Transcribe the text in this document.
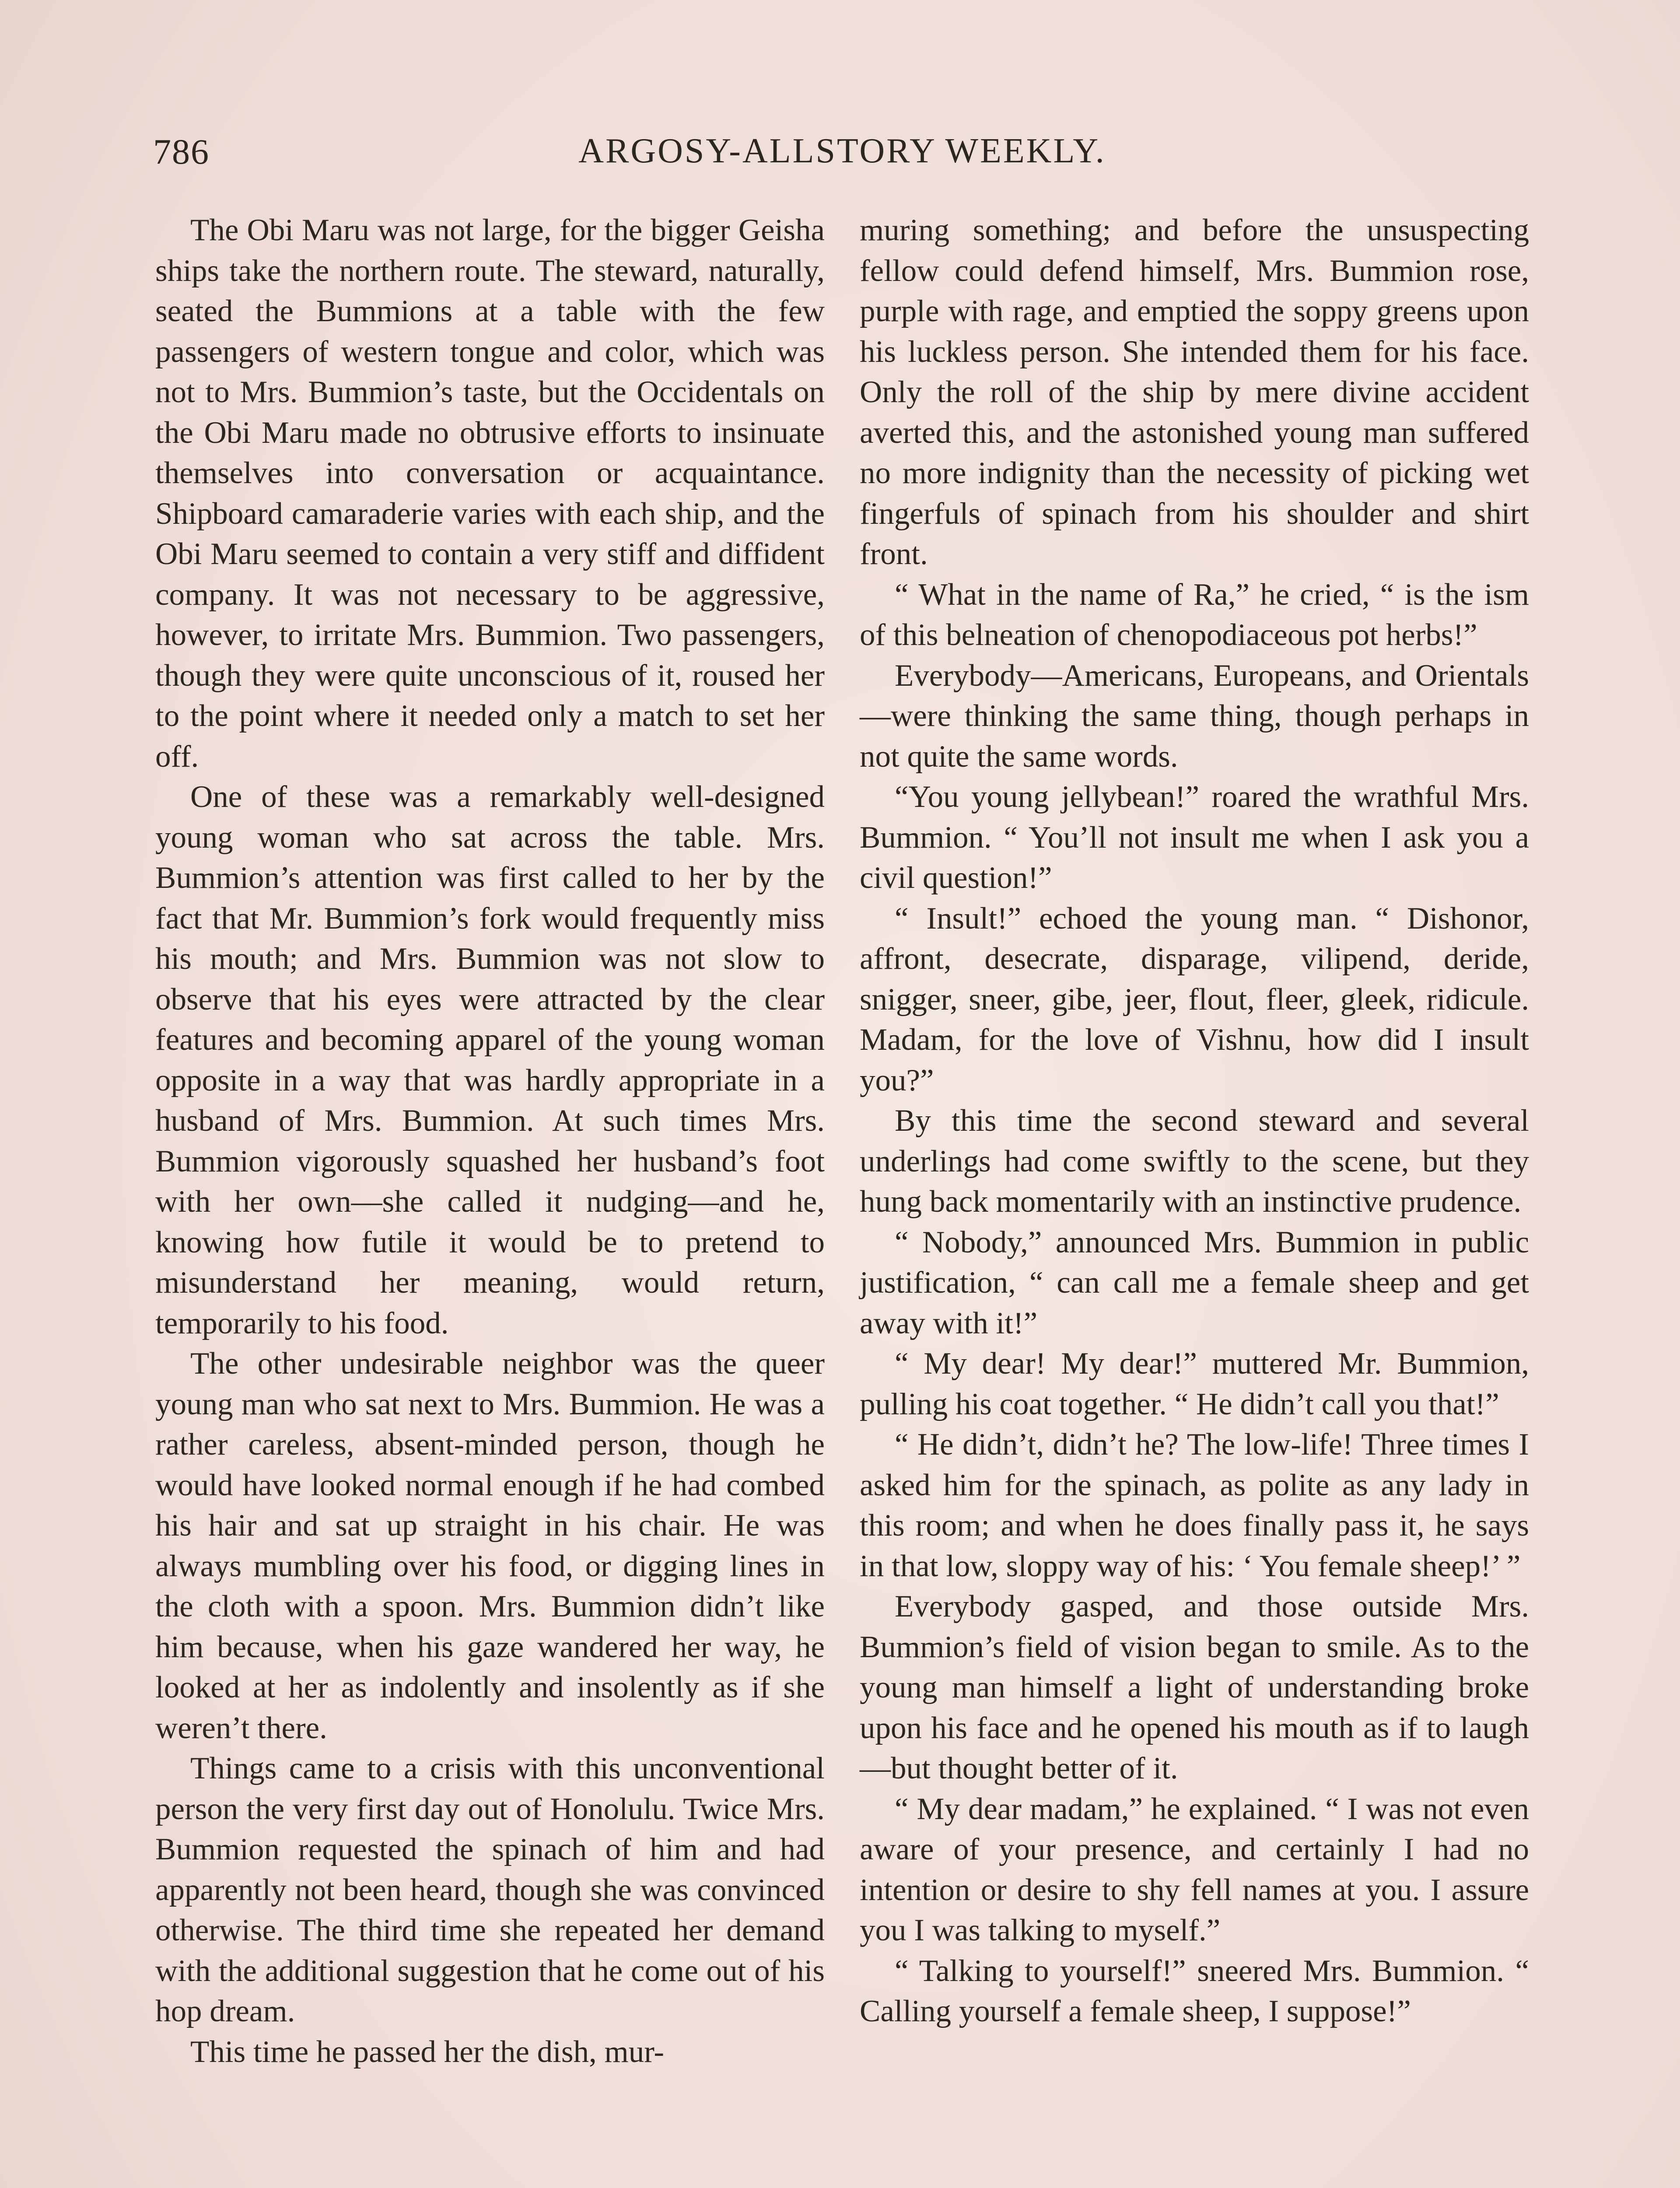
786	ARGOSY-ALLSTORY WEEKLY.

The Obi Maru was not large, for the bigger Geisha ships take the northern route. The steward, naturally, seated the Bummions at a table with the few passengers of western tongue and color, which was not to Mrs. Bummion’s taste, but the Occidentals on the Obi Maru made no obtrusive efforts to insinuate themselves into conversation or acquaintance. Shipboard camaraderie varies with each ship, and the Obi Maru seemed to contain a very stiff and diffident company. It was not necessary to be aggressive, however, to irritate Mrs. Bummion. Two passengers, though they were quite unconscious of it, roused her to the point where it needed only a match to set her off.

One of these was a remarkably well-designed young woman who sat across the table. Mrs. Bummion’s attention was first called to her by the fact that Mr. Bummion’s fork would frequently miss his mouth; and Mrs. Bummion was not slow to observe that his eyes were attracted by the clear features and becoming apparel of the young woman opposite in a way that was hardly appropriate in a husband of Mrs. Bummion. At such times Mrs. Bummion vigorously squashed her husband’s foot with her own—she called it nudging—and he, knowing how futile it would be to pretend to misunderstand her meaning, would return, temporarily to his food.

The other undesirable neighbor was the queer young man who sat next to Mrs. Bummion. He was a rather careless, absent-minded person, though he would have looked normal enough if he had combed his hair and sat up straight in his chair. He was always mumbling over his food, or digging lines in the cloth with a spoon. Mrs. Bummion didn’t like him because, when his gaze wandered her way, he looked at her as indolently and insolently as if she weren’t there.

Things came to a crisis with this unconventional person the very first day out of Honolulu. Twice Mrs. Bummion requested the spinach of him and had apparently not been heard, though she was convinced otherwise. The third time she repeated her demand with the additional suggestion that he come out of his hop dream.

This time he passed her the dish, mur-

muring something; and before the unsuspecting fellow could defend himself, Mrs. Bummion rose, purple with rage, and emptied the soppy greens upon his luckless person. She intended them for his face. Only the roll of the ship by mere divine accident averted this, and the astonished young man suffered no more indignity than the necessity of picking wet fingerfuls of spinach from his shoulder and shirt front.

“ What in the name of Ra,” he cried, “ is the ism of this belneation of chenopodiaceous pot herbs!”

Everybody—Americans, Europeans, and Orientals—were thinking the same thing, though perhaps in not quite the same words.

“You young jellybean!” roared the wrathful Mrs. Bummion. “ You’ll not insult me when I ask you a civil question!”

“ Insult!” echoed the young man. “ Dishonor, affront, desecrate, disparage, vilipend, deride, snigger, sneer, gibe, jeer, flout, fleer, gleek, ridicule. Madam, for the love of Vishnu, how did I insult you?”

By this time the second steward and several underlings had come swiftly to the scene, but they hung back momentarily with an instinctive prudence.

“ Nobody,” announced Mrs. Bummion in public justification, “ can call me a female sheep and get away with it!”

“ My dear! My dear!” muttered Mr. Bummion, pulling his coat together. “ He didn’t call you that!”

“ He didn’t, didn’t he? The low-life! Three times I asked him for the spinach, as polite as any lady in this room; and when he does finally pass it, he says in that low, sloppy way of his: ‘ You female sheep!’ ”

Everybody gasped, and those outside Mrs. Bummion’s field of vision began to smile. As to the young man himself a light of understanding broke upon his face and he opened his mouth as if to laugh—but thought better of it.

“ My dear madam,” he explained. “ I was not even aware of your presence, and certainly I had no intention or desire to shy fell names at you. I assure you I was talking to myself.”

“ Talking to yourself!” sneered Mrs. Bummion. “ Calling yourself a female sheep, I suppose!”
